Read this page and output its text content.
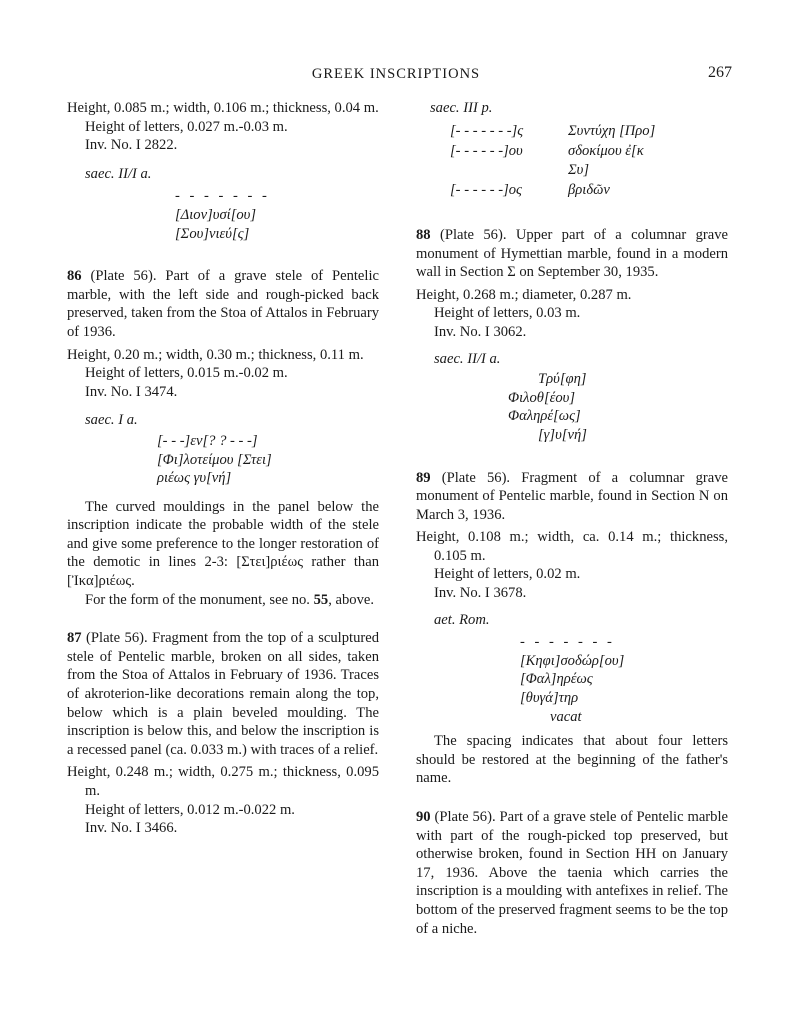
GREEK INSCRIPTIONS	267

Height, 0.085 m.; width, 0.106 m.; thickness, 0.04 m.

Height of letters, 0.027 m.-0.03 m.

Inv. No. I 2822.

saec. II/I a.

- - - - - - -

[Διον]υσί[ου]

[Σου]νιεύ[ς]

86 (Plate 56). Part of a grave stele of Pentelic marble, with the left side and rough-picked back preserved, taken from the Stoa of Attalos in February of 1936.

Height, 0.20 m.; width, 0.30 m.; thickness, 0.11 m.

Height of letters, 0.015 m.-0.02 m.

Inv. No. I 3474.

saec. I a.

[- - -]εν[? ? - - -]

[Φι]λοτείμου [Στει]

ριέως γυ[νή]

The curved mouldings in the panel below the inscription indicate the probable width of the stele and give some preference to the longer restoration of the demotic in lines 2-3: [Στει]ριέως rather than [Ἰκα]ριέως.

For the form of the monument, see no. 55, above.

87 (Plate 56). Fragment from the top of a sculptured stele of Pentelic marble, broken on all sides, taken from the Stoa of Attalos in February of 1936. Traces of akroterion-like decorations remain along the top, below which is a plain beveled moulding. The inscription is below this, and below the inscription is a recessed panel (ca. 0.033 m.) with traces of a relief.

Height, 0.248 m.; width, 0.275 m.; thickness, 0.095 m.

Height of letters, 0.012 m.-0.022 m.

Inv. No. I 3466.

saec. III p.

[- - - - - - -]ς	Συντύχη [Προ]
[- - - - - -]ου	σδοκίμου ἐ[κ Συ]
[- - - - - -]ος	βριδῶν

88 (Plate 56). Upper part of a columnar grave monument of Hymettian marble, found in a modern wall in Section Σ on September 30, 1935.

Height, 0.268 m.; diameter, 0.287 m.

Height of letters, 0.03 m.

Inv. No. I 3062.

saec. II/I a.

Τρύ[φη]

Φιλοθ[έου]

Φαληρέ[ως]

[γ]υ[νή]

89 (Plate 56). Fragment of a columnar grave monument of Pentelic marble, found in Section N on March 3, 1936.

Height, 0.108 m.; width, ca. 0.14 m.; thickness, 0.105 m.

Height of letters, 0.02 m.

Inv. No. I 3678.

aet. Rom.

- - - - - - -

[Κηφι]σοδώρ[ου]

[Φαλ]ηρέως

[θυγά]τηρ

vacat

The spacing indicates that about four letters should be restored at the beginning of the father's name.

90 (Plate 56). Part of a grave stele of Pentelic marble with part of the rough-picked top preserved, but otherwise broken, found in Section HH on January 17, 1936. Above the taenia which carries the inscription is a moulding with antefixes in relief. The bottom of the preserved fragment seems to be the top of a niche.
